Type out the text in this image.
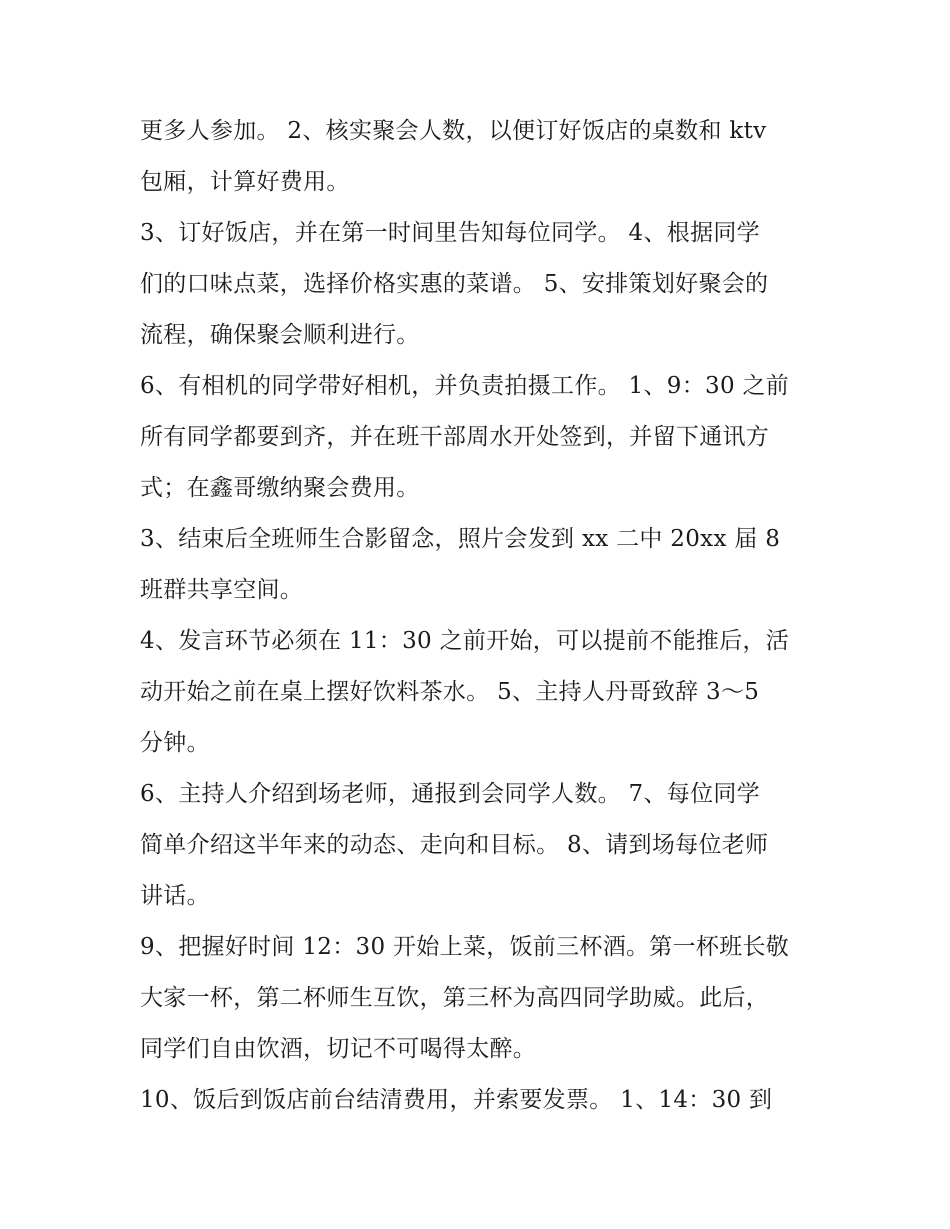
更多人参加。 2、核实聚会人数，以便订好饭店的桌数和 ktv
包厢，计算好费用。
3、订好饭店，并在第一时间里告知每位同学。 4、根据同学
们的口味点菜，选择价格实惠的菜谱。 5、安排策划好聚会的
流程，确保聚会顺利进行。
6、有相机的同学带好相机，并负责拍摄工作。 1、9：30 之前
所有同学都要到齐，并在班干部周水开处签到，并留下通讯方
式；在鑫哥缴纳聚会费用。
3、结束后全班师生合影留念，照片会发到 xx 二中 20xx 届 8
班群共享空间。
4、发言环节必须在 11：30 之前开始，可以提前不能推后，活
动开始之前在桌上摆好饮料茶水。 5、主持人丹哥致辞 3～5
分钟。
6、主持人介绍到场老师，通报到会同学人数。 7、每位同学
简单介绍这半年来的动态、走向和目标。 8、请到场每位老师
讲话。
9、把握好时间 12：30 开始上菜，饭前三杯酒。第一杯班长敬
大家一杯，第二杯师生互饮，第三杯为高四同学助威。此后，
同学们自由饮酒，切记不可喝得太醉。
10、饭后到饭店前台结清费用，并索要发票。 1、14：30 到
